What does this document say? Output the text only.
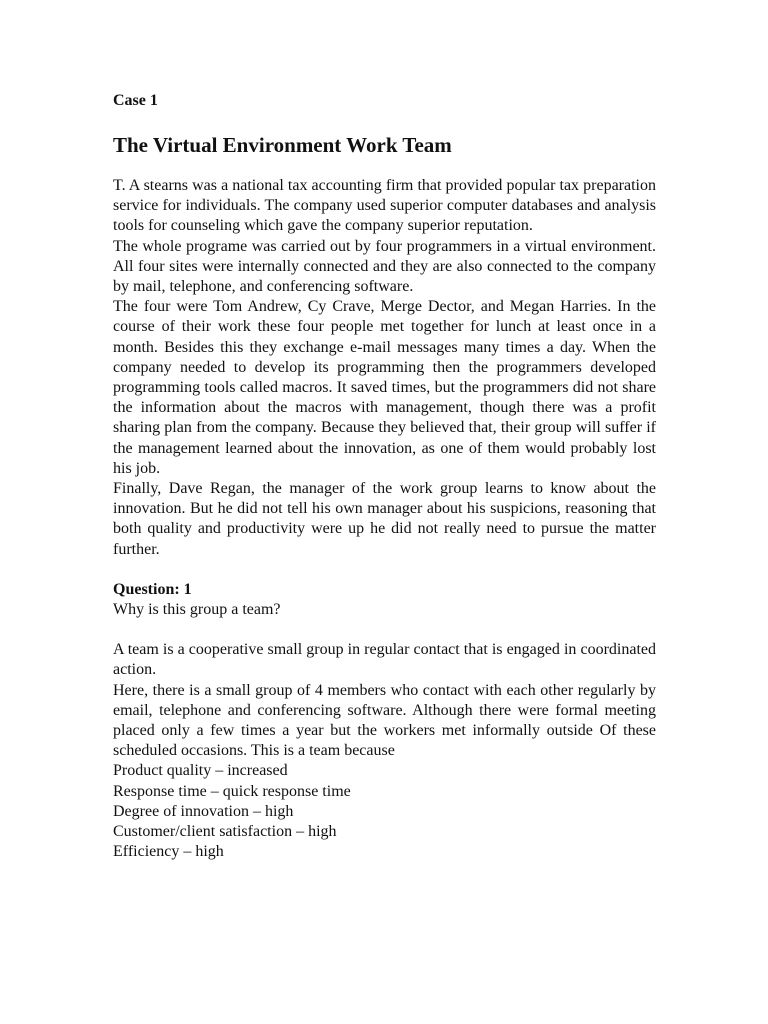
Case 1
The Virtual Environment Work Team

T. A stearns was a national tax accounting firm that provided popular tax preparation service for individuals. The company used superior computer databases and analysis tools for counseling which gave the company superior reputation.

The whole programe was carried out by four programmers in a virtual environment. All four sites were internally connected and they are also connected to the company by mail, telephone, and conferencing software.

The four were Tom Andrew, Cy Crave, Merge Dector, and Megan Harries. In the course of their work these four people met together for lunch at least once in a month. Besides this they exchange e-mail messages many times a day. When the company needed to develop its programming then the programmers developed programming tools called macros. It saved times, but the programmers did not share the information about the macros with management, though there was a profit sharing plan from the company. Because they believed that, their group will suffer if the management learned about the innovation, as one of them would probably lost his job.

Finally, Dave Regan, the manager of the work group learns to know about the innovation. But he did not tell his own manager about his suspicions, reasoning that both quality and productivity were up he did not really need to pursue the matter further.

Question: 1

Why is this group a team?

A team is a cooperative small group in regular contact that is engaged in coordinated action.

Here, there is a small group of 4 members who contact with each other regularly by email, telephone and conferencing software. Although there were formal meeting placed only a few times a year but the workers met informally outside Of these scheduled occasions. This is a team because

Product quality – increased
Response time – quick response time
Degree of innovation – high
Customer/client satisfaction – high
Efficiency – high
